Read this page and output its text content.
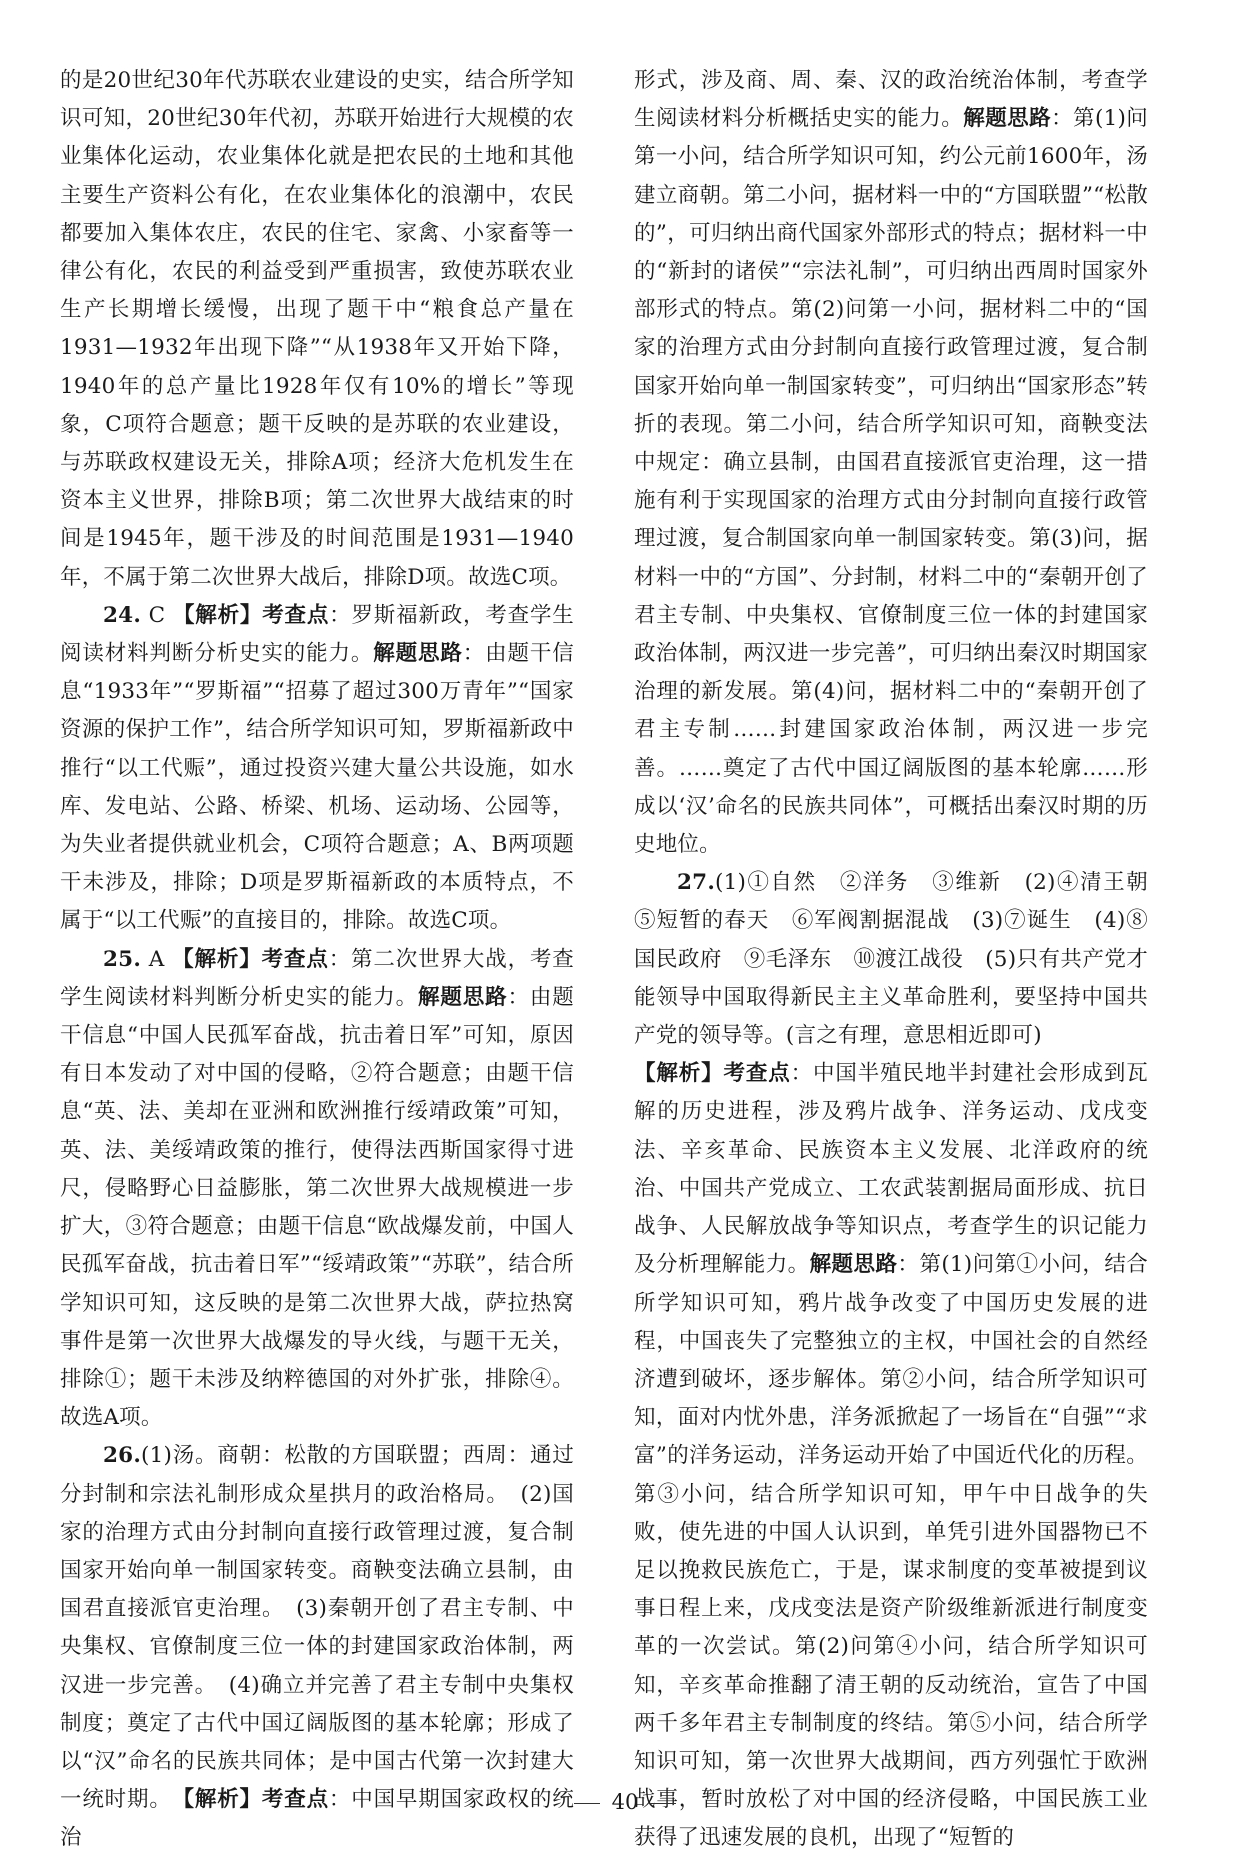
的是20世纪30年代苏联农业建设的史实，结合所学知识可知，20世纪30年代初，苏联开始进行大规模的农业集体化运动，农业集体化就是把农民的土地和其他主要生产资料公有化，在农业集体化的浪潮中，农民都要加入集体农庄，农民的住宅、家禽、小家畜等一律公有化，农民的利益受到严重损害，致使苏联农业生产长期增长缓慢，出现了题干中“粮食总产量在1931—1932年出现下降”“从1938年又开始下降，1940年的总产量比1928年仅有10%的增长”等现象，C项符合题意；题干反映的是苏联的农业建设，与苏联政权建设无关，排除A项；经济大危机发生在资本主义世界，排除B项；第二次世界大战结束的时间是1945年，题干涉及的时间范围是1931—1940年，不属于第二次世界大战后，排除D项。故选C项。

24. C 【解析】考查点：罗斯福新政，考查学生阅读材料判断分析史实的能力。解题思路：由题干信息“1933年”“罗斯福”“招募了超过300万青年”“国家资源的保护工作”，结合所学知识可知，罗斯福新政中推行“以工代赈”，通过投资兴建大量公共设施，如水库、发电站、公路、桥梁、机场、运动场、公园等，为失业者提供就业机会，C项符合题意；A、B两项题干未涉及，排除；D项是罗斯福新政的本质特点，不属于“以工代赈”的直接目的，排除。故选C项。

25. A 【解析】考查点：第二次世界大战，考查学生阅读材料判断分析史实的能力。解题思路：由题干信息“中国人民孤军奋战，抗击着日军”可知，原因有日本发动了对中国的侵略，②符合题意；由题干信息“英、法、美却在亚洲和欧洲推行绥靖政策”可知，英、法、美绥靖政策的推行，使得法西斯国家得寸进尺，侵略野心日益膨胀，第二次世界大战规模进一步扩大，③符合题意；由题干信息“欧战爆发前，中国人民孤军奋战，抗击着日军”“绥靖政策”“苏联”，结合所学知识可知，这反映的是第二次世界大战，萨拉热窝事件是第一次世界大战爆发的导火线，与题干无关，排除①；题干未涉及纳粹德国的对外扩张，排除④。故选A项。

26.(1)汤。商朝：松散的方国联盟；西周：通过分封制和宗法礼制形成众星拱月的政治格局。　(2)国家的治理方式由分封制向直接行政管理过渡，复合制国家开始向单一制国家转变。商鞅变法确立县制，由国君直接派官吏治理。　(3)秦朝开创了君主专制、中央集权、官僚制度三位一体的封建国家政治体制，两汉进一步完善。　(4)确立并完善了君主专制中央集权制度；奠定了古代中国辽阔版图的基本轮廓；形成了以“汉”命名的民族共同体；是中国古代第一次封建大一统时期。　【解析】考查点：中国早期国家政权的统治

形式，涉及商、周、秦、汉的政治统治体制，考查学生阅读材料分析概括史实的能力。解题思路：第(1)问第一小问，结合所学知识可知，约公元前1600年，汤建立商朝。第二小问，据材料一中的“方国联盟”“松散的”，可归纳出商代国家外部形式的特点；据材料一中的“新封的诸侯”“宗法礼制”，可归纳出西周时国家外部形式的特点。第(2)问第一小问，据材料二中的“国家的治理方式由分封制向直接行政管理过渡，复合制国家开始向单一制国家转变”，可归纳出“国家形态”转折的表现。第二小问，结合所学知识可知，商鞅变法中规定：确立县制，由国君直接派官吏治理，这一措施有利于实现国家的治理方式由分封制向直接行政管理过渡，复合制国家向单一制国家转变。第(3)问，据材料一中的“方国”、分封制，材料二中的“秦朝开创了君主专制、中央集权、官僚制度三位一体的封建国家政治体制，两汉进一步完善”，可归纳出秦汉时期国家治理的新发展。第(4)问，据材料二中的“秦朝开创了君主专制……封建国家政治体制，两汉进一步完善。……奠定了古代中国辽阔版图的基本轮廓……形成以‘汉’命名的民族共同体”，可概括出秦汉时期的历史地位。

27.(1)①自然　②洋务　③维新　(2)④清王朝　⑤短暂的春天　⑥军阀割据混战　(3)⑦诞生　(4)⑧国民政府　⑨毛泽东　⑩渡江战役　(5)只有共产党才能领导中国取得新民主主义革命胜利，要坚持中国共产党的领导等。(言之有理，意思相近即可)

【解析】考查点：中国半殖民地半封建社会形成到瓦解的历史进程，涉及鸦片战争、洋务运动、戊戌变法、辛亥革命、民族资本主义发展、北洋政府的统治、中国共产党成立、工农武装割据局面形成、抗日战争、人民解放战争等知识点，考查学生的识记能力及分析理解能力。解题思路：第(1)问第①小问，结合所学知识可知，鸦片战争改变了中国历史发展的进程，中国丧失了完整独立的主权，中国社会的自然经济遭到破坏，逐步解体。第②小问，结合所学知识可知，面对内忧外患，洋务派掀起了一场旨在“自强”“求富”的洋务运动，洋务运动开始了中国近代化的历程。第③小问，结合所学知识可知，甲午中日战争的失败，使先进的中国人认识到，单凭引进外国器物已不足以挽救民族危亡，于是，谋求制度的变革被提到议事日程上来，戊戌变法是资产阶级维新派进行制度变革的一次尝试。第(2)问第④小问，结合所学知识可知，辛亥革命推翻了清王朝的反动统治，宣告了中国两千多年君主专制制度的终结。第⑤小问，结合所学知识可知，第一次世界大战期间，西方列强忙于欧洲战事，暂时放松了对中国的经济侵略，中国民族工业获得了迅速发展的良机，出现了“短暂的

40
